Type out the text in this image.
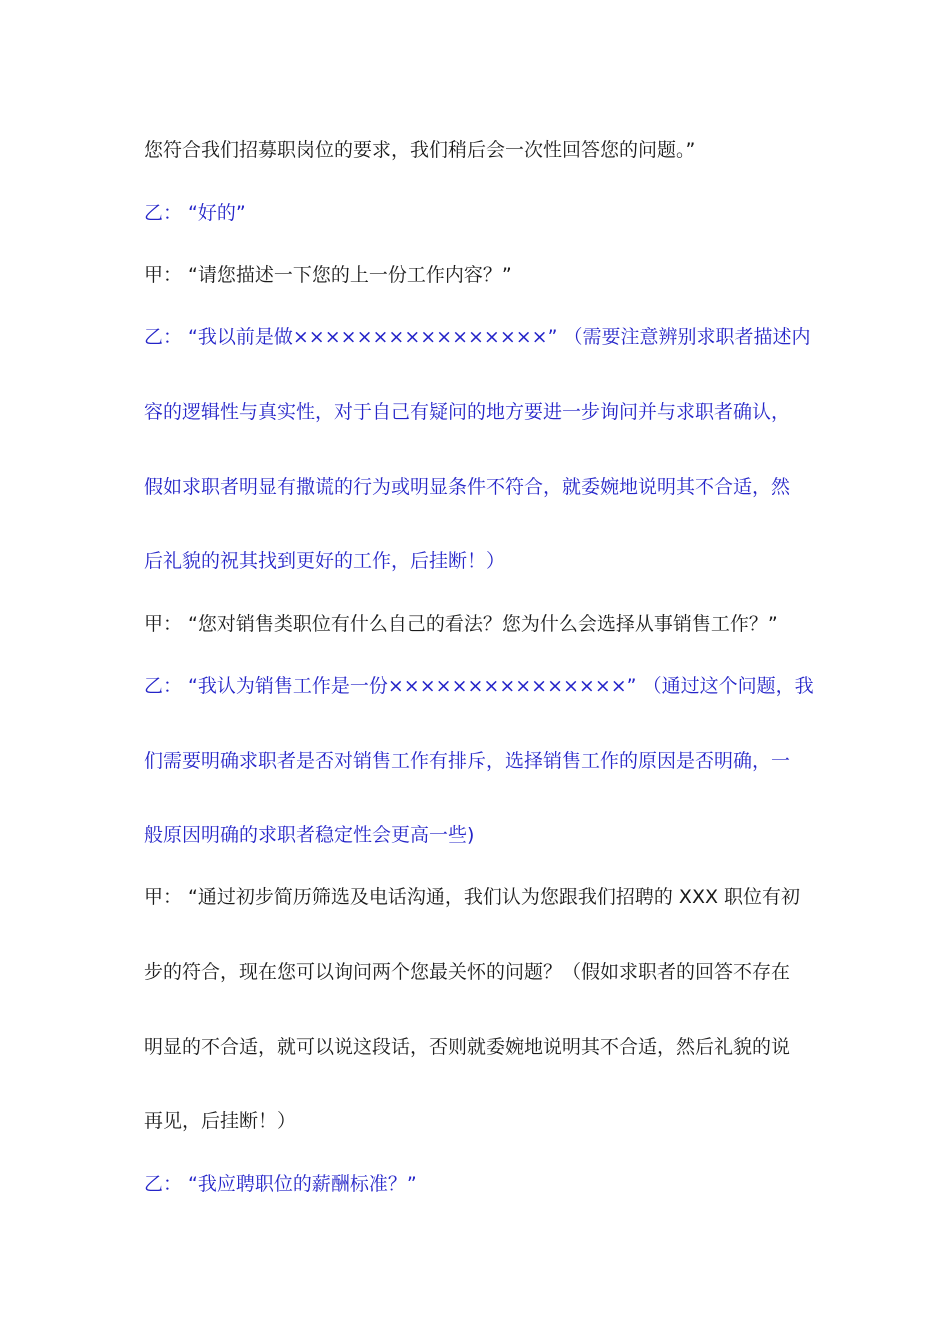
您符合我们招募职岗位的要求，我们稍后会一次性回答您的问题。”
乙： “好的”
甲： “请您描述一下您的上一份工作内容？”
乙： “我以前是做××××××××××××××××” （需要注意辨别求职者描述内
容的逻辑性与真实性，对于自己有疑问的地方要进一步询问并与求职者确认，
假如求职者明显有撒谎的行为或明显条件不符合，就委婉地说明其不合适，然
后礼貌的祝其找到更好的工作，后挂断！）
甲： “您对销售类职位有什么自己的看法？您为什么会选择从事销售工作？”
乙： “我认为销售工作是一份×××××××××××××××” （通过这个问题，我
们需要明确求职者是否对销售工作有排斥，选择销售工作的原因是否明确，一
般原因明确的求职者稳定性会更高一些)
甲： “通过初步简历筛选及电话沟通，我们认为您跟我们招聘的 XXX 职位有初
步的符合，现在您可以询问两个您最关怀的问题？（假如求职者的回答不存在
明显的不合适，就可以说这段话，否则就委婉地说明其不合适，然后礼貌的说
再见，后挂断！）
乙： “我应聘职位的薪酬标准？”
